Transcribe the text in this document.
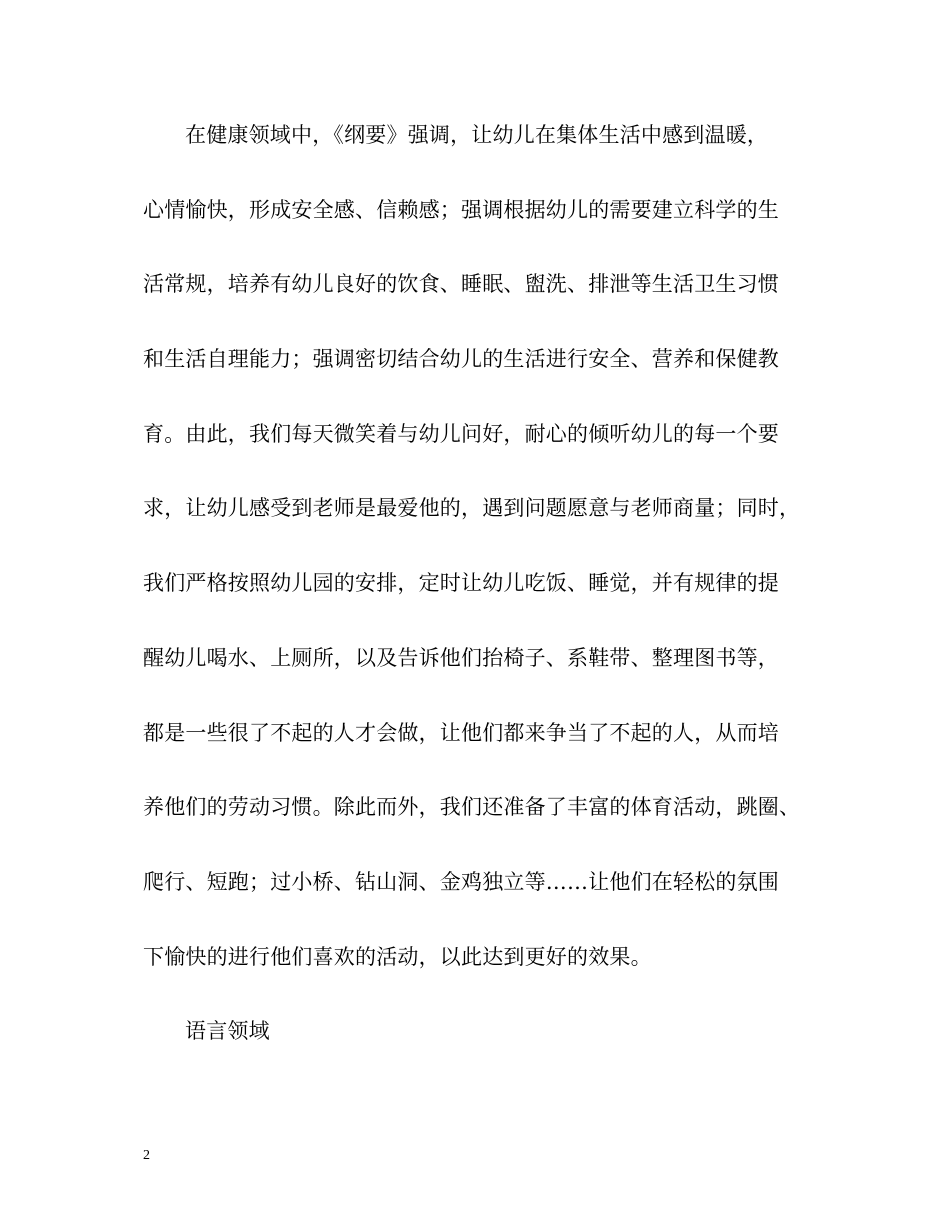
在健康领域中，《纲要》强调，让幼儿在集体生活中感到温暖，

心情愉快，形成安全感、信赖感；强调根据幼儿的需要建立科学的生

活常规，培养有幼儿良好的饮食、睡眠、盥洗、排泄等生活卫生习惯

和生活自理能力；强调密切结合幼儿的生活进行安全、营养和保健教

育。由此，我们每天微笑着与幼儿问好，耐心的倾听幼儿的每一个要

求，让幼儿感受到老师是最爱他的，遇到问题愿意与老师商量；同时，

我们严格按照幼儿园的安排，定时让幼儿吃饭、睡觉，并有规律的提

醒幼儿喝水、上厕所，以及告诉他们抬椅子、系鞋带、整理图书等，

都是一些很了不起的人才会做，让他们都来争当了不起的人，从而培

养他们的劳动习惯。除此而外，我们还准备了丰富的体育活动，跳圈、

爬行、短跑；过小桥、钻山洞、金鸡独立等……让他们在轻松的氛围

下愉快的进行他们喜欢的活动，以此达到更好的效果。

语言领域

2
